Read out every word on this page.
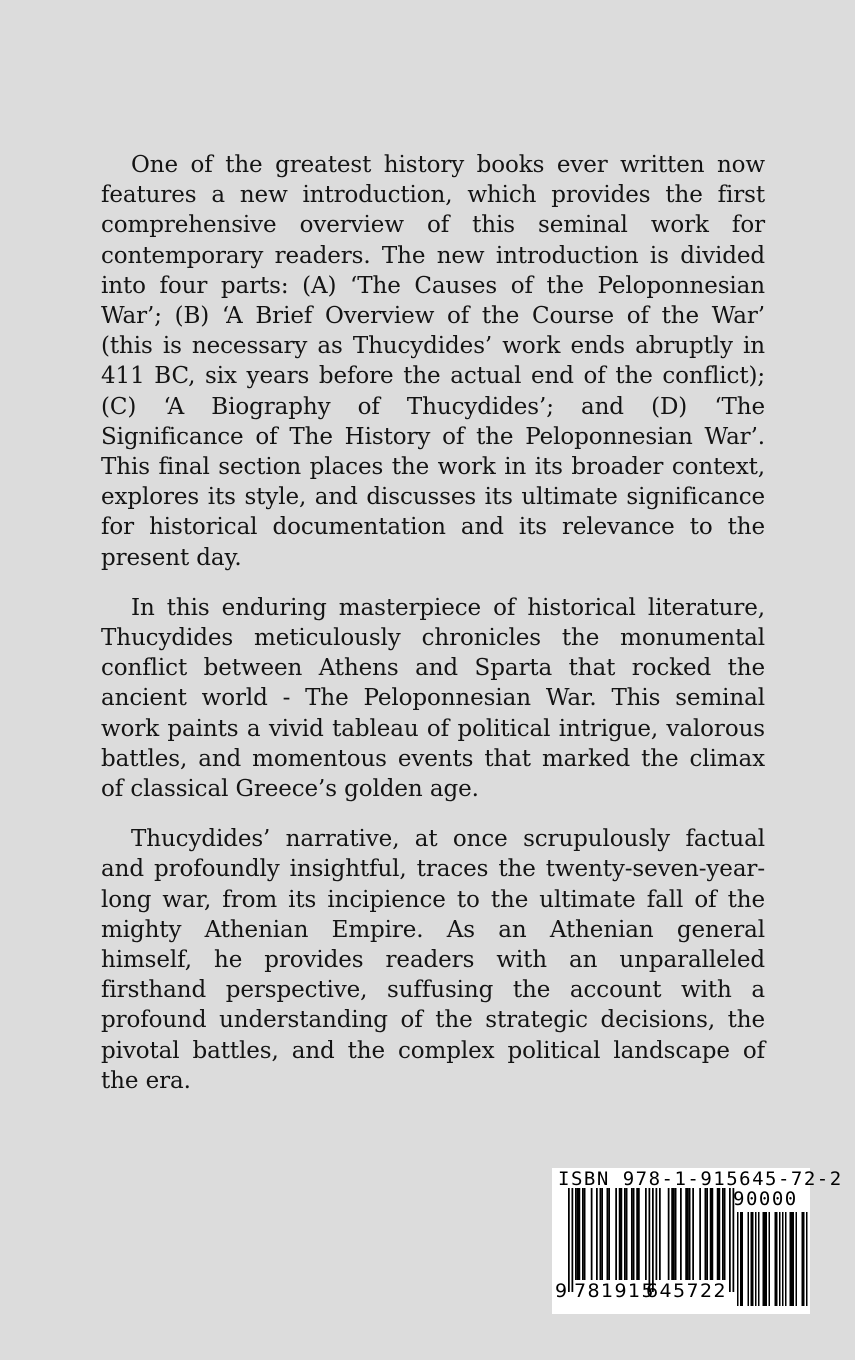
One of the greatest history books ever written now features a new introduction, which provides the first comprehensive overview of this seminal work for contemporary readers. The new introduction is divided into four parts: (A) ‘The Causes of the Peloponnesian War’; (B) ‘A Brief Overview of the Course of the War’ (this is necessary as Thucydides’ work ends abruptly in 411 BC, six years before the actual end of the conflict); (C) ‘A Biography of Thucydides’; and (D) ‘The Significance of The History of the Peloponnesian War’. This final section places the work in its broader context, explores its style, and discusses its ultimate significance for historical documentation and its relevance to the present day.

In this enduring masterpiece of historical literature, Thucydides meticulously chronicles the monumental conflict between Athens and Sparta that rocked the ancient world - The Peloponnesian War. This seminal work paints a vivid tableau of political intrigue, valorous battles, and momentous events that marked the climax of classical Greece’s golden age.

Thucydides’ narrative, at once scrupulously factual and profoundly insightful, traces the twenty-seven-year-long war, from its incipience to the ultimate fall of the mighty Athenian Empire. As an Athenian general himself, he provides readers with an unparalleled firsthand perspective, suffusing the account with a profound understanding of the strategic decisions, the pivotal battles, and the complex political landscape of the era.

ISBN 978-1-915645-72-2
90000
9 781915
645722
